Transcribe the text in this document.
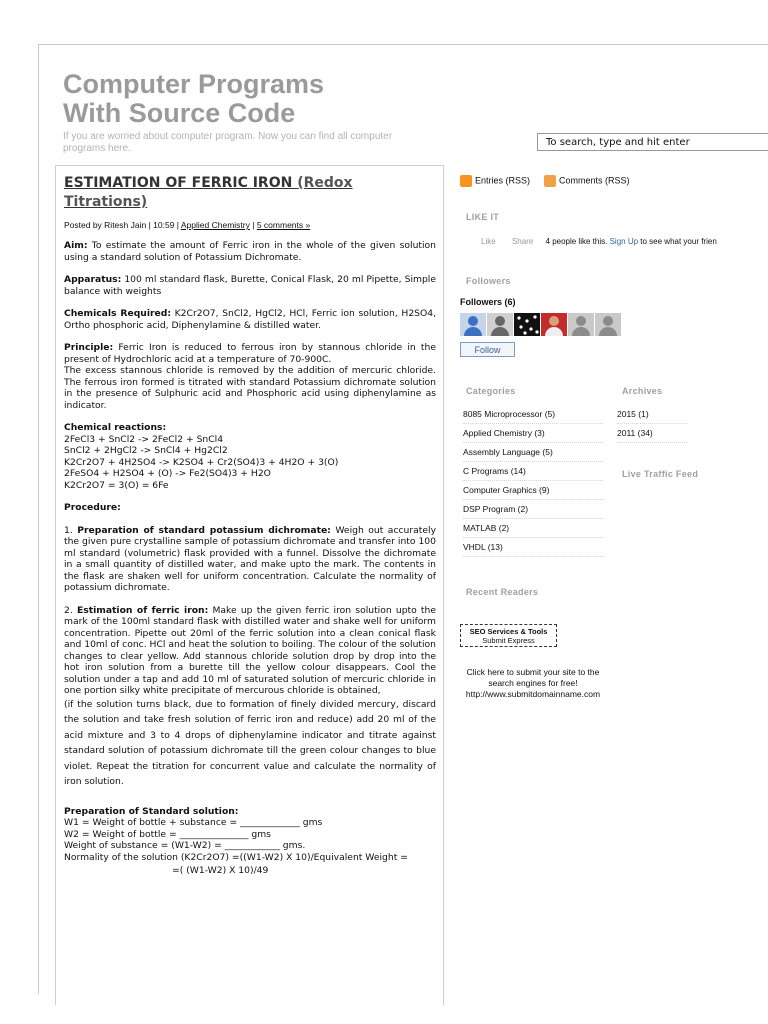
Computer Programs
With Source Code
If you are worried about computer program. Now you can find all computer programs here.
To search, type and hit enter
ESTIMATION OF FERRIC IRON (Redox Titrations)
Posted by Ritesh Jain | 10:59 | Applied Chemistry | 5 comments »

Aim: To estimate the amount of Ferric iron in the whole of the given solution using a standard solution of Potassium Dichromate.

Apparatus: 100 ml standard flask, Burette, Conical Flask, 20 ml Pipette, Simple balance with weights

Chemicals Required: K2Cr2O7, SnCl2, HgCl2, HCl, Ferric ion solution, H2SO4, Ortho phosphoric acid, Diphenylamine & distilled water.

Principle: Ferric Iron is reduced to ferrous iron by stannous chloride in the present of Hydrochloric acid at a temperature of 70-900C.
The excess stannous chloride is removed by the addition of mercuric chloride. The ferrous iron formed is titrated with standard Potassium dichromate solution in the presence of Sulphuric acid and Phosphoric acid using diphenylamine as indicator.

Chemical reactions:
2FeCl3 + SnCl2 -> 2FeCl2 + SnCl4
SnCl2 + 2HgCl2 -> SnCl4 + Hg2Cl2
K2Cr2O7 + 4H2SO4 -> K2SO4 + Cr2(SO4)3 + 4H2O + 3(O)
2FeSO4 + H2SO4 + (O) -> Fe2(SO4)3 + H2O
K2Cr2O7 = 3(O) = 6Fe

Procedure:

1. Preparation of standard potassium dichromate: Weigh out accurately the given pure crystalline sample of potassium dichromate and transfer into 100 ml standard (volumetric) flask provided with a funnel. Dissolve the dichromate in a small quantity of distilled water, and make upto the mark. The contents in the flask are shaken well for uniform concentration. Calculate the normality of potassium dichromate.

2. Estimation of ferric iron: Make up the given ferric iron solution upto the mark of the 100ml standard flask with distilled water and shake well for uniform concentration. Pipette out 20ml of the ferric solution into a clean conical flask and 10ml of conc. HCl and heat the solution to boiling. The colour of the solution changes to clear yellow. Add stannous chloride solution drop by drop into the hot iron solution from a burette till the yellow colour disappears. Cool the solution under a tap and add 10 ml of saturated solution of mercuric chloride in one portion silky white precipitate of mercurous chloride is obtained,

(if the solution turns black, due to formation of finely divided mercury, discard the solution and take fresh solution of ferric iron and reduce) add 20 ml of the acid mixture and 3 to 4 drops of diphenylamine indicator and titrate against standard solution of potassium dichromate till the green colour changes to blue violet. Repeat the titration for concurrent value and calculate the normality of iron solution.

Preparation of Standard solution:
W1 = Weight of bottle + substance = _____________ gms
W2 = Weight of bottle = _______________ gms
Weight of substance = (W1-W2) = ____________ gms.
Normality of the solution (K2Cr2O7) =((W1-W2) X 10)/Equivalent Weight =
=( (W1-W2) X 10)/49

Entries (RSS)	Comments (RSS)
LIKE IT
Like Share 4 people like this. Sign Up to see what your frien
Followers
Followers (6)
Follow
Categories	Archives
8085 Microprocessor (5)
Applied Chemistry (3)
Assembly Language (5)
C Programs (14)
Computer Graphics (9)
DSP Program (2)
MATLAB (2)
VHDL (13)
2015 (1)
2011 (34)
Live Traffic Feed
Recent Readers
SEO Services & Tools
Submit Express
Click here to submit your site to the search engines for free! http://www.submitdomainname.com
